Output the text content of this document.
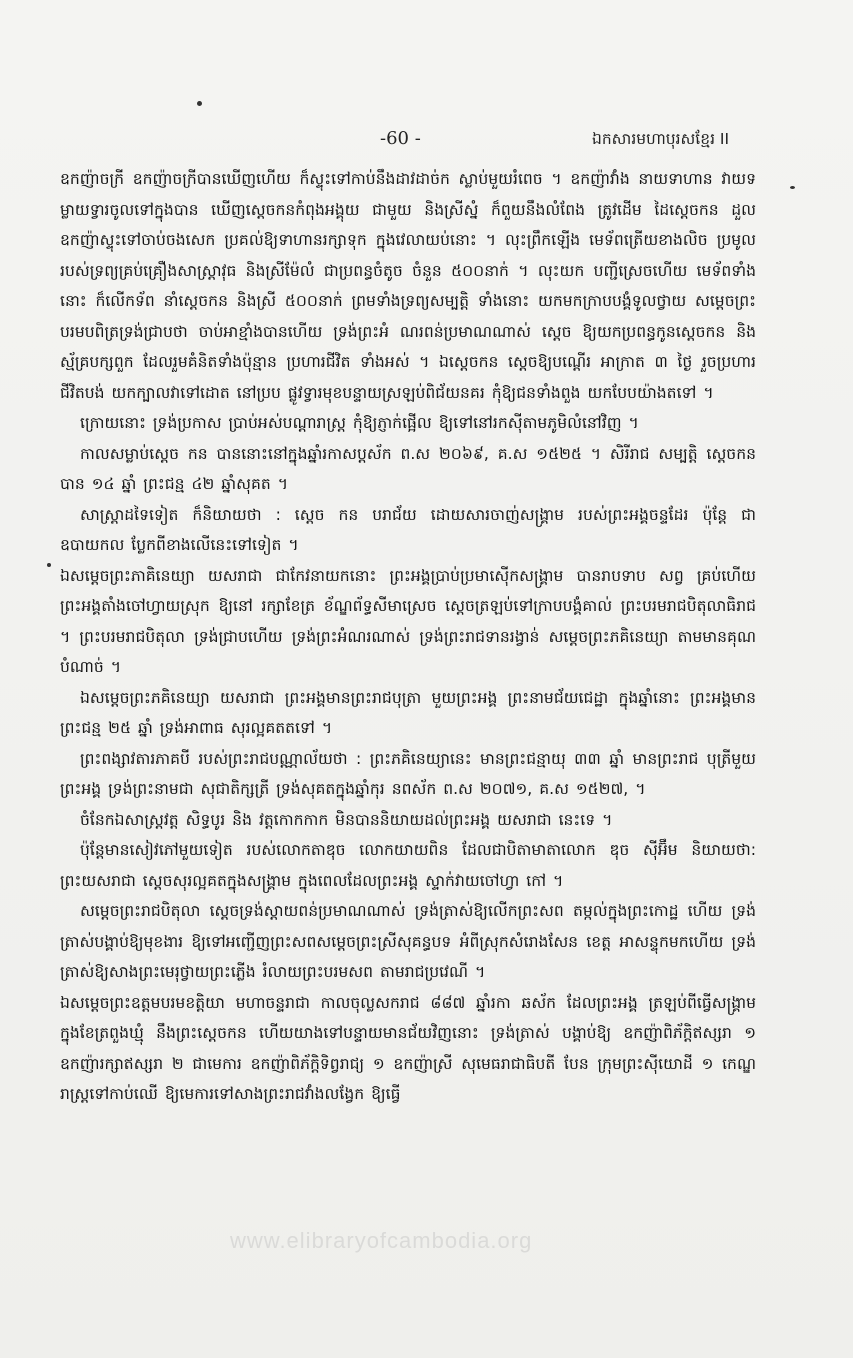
-60 -	ឯកសារមហាបុរសខ្មែរ II

ឧកញ៉ាចក្រី ឧកញ៉ាចក្រីបានឃើញហើយ ក៏ស្ទុះទៅកាប់នឹងដាវដាច់ក ស្លាប់មួយរំពេច ។ ឧកញ៉ាវាំង នាយទាហាន វាយទម្លាយទ្វារចូលទៅក្នុងបាន ឃើញស្តេចកនកំពុងអង្គុយ ជាមួយ និងស្រីស្នំ ក៏ពួយនឹងលំពែង ត្រូវដើម ដៃស្តេចកន ដួល ឧកញ៉ាស្ទុះទៅចាប់ចងសេក ប្រគល់ឱ្យទាហានរក្សាទុក ក្នុងវេលាយប់នោះ ។ លុះព្រឹកឡើង មេទ័ពត្រើយខាងលិច ប្រមូលរបស់ទ្រព្យគ្រប់គ្រឿងសាស្ត្រាវុធ និងស្រីម៉ែលំ ជាប្រពន្ធចំតូច ចំនួន ៥០០នាក់ ។ លុះយក បញ្ជីស្រេចហើយ មេទ័ពទាំងនោះ ក៏លើកទ័ព នាំស្តេចកន និងស្រី ៥០០នាក់ ព្រមទាំងទ្រព្យសម្បត្តិ ទាំងនោះ យកមកក្រាបបង្គំទូលថ្វាយ សម្តេចព្រះបរមបពិត្រទ្រង់ជ្រាបថា ចាប់អាខ្មាំងបានហើយ ទ្រង់ព្រះអំ ណរពន់ប្រមាណណាស់ ស្តេច ឱ្យយកប្រពន្ធកូនស្តេចកន និងស្ម័គ្របក្សពួក ដែលរួមគំនិតទាំងប៉ុន្មាន ប្រហារជីវិត ទាំងអស់ ។ ឯស្តេចកន ស្តេចឱ្យបណ្តើរ អាក្រាត ៣ ថ្ងៃ រួចប្រហារជីវិតបង់ យកក្បាលវាទៅដោត នៅប្រប ផ្លូវទ្វារមុខបន្ទាយស្រឡប់ពិជ័យនគរ កុំឱ្យជនទាំងពួង យកបែបយ៉ាងតទៅ ។

ក្រោយនោះ ទ្រង់ប្រកាស ប្រាប់អស់បណ្តារាស្ត្រ កុំឱ្យភ្ញាក់ផ្អើល ឱ្យទៅនៅរកស៊ីតាមភូមិលំនៅវិញ ។

កាលសម្លាប់ស្តេច កន បាននោះនៅក្នុងឆ្នាំរកាសប្តស័ក ព.ស ២០៦៩, គ.ស ១៥២៥ ។ សិរីរាជ សម្បត្តិ ស្តេចកន បាន ១៤ ឆ្នាំ ព្រះជន្ម ៤២ ឆ្នាំសុគត ។

សាស្ត្រាដទៃទៀត ក៏និយាយថា : ស្តេច កន បរាជ័យ ដោយសារចាញ់សង្គ្រាម របស់ព្រះអង្គចន្ទដែរ ប៉ុន្តែ ជាឧបាយកល ប្លែកពីខាងលើនេះទៅទៀត ។

ឯសម្តេចព្រះភាគិនេយ្យា យសរាជា ជាកែវនាយកនោះ ព្រះអង្គប្រាប់ប្រមាស៊ើកសង្គ្រាម បានរាបទាប សព្វ គ្រប់ហើយ ព្រះអង្គតាំងចៅហ្វាយស្រុក ឱ្យនៅ រក្សាខែត្រ ខ័ណ្ឌព័ទ្ធសីមាស្រេច ស្តេចត្រឡប់ទៅក្រាបបង្គំគាល់ ព្រះបរមរាជបិតុលាធិរាជ ។ ព្រះបរមរាជបិតុលា ទ្រង់ជ្រាបហើយ ទ្រង់ព្រះអំណរណាស់ ទ្រង់ព្រះរាជទានរង្វាន់ សម្តេចព្រះភគិនេយ្យា តាមមានគុណបំណាច់ ។

ឯសម្តេចព្រះភគិនេយ្យា យសរាជា ព្រះអង្គមានព្រះរាជបុត្រា មួយព្រះអង្គ ព្រះនាមជ័យជេដ្ឋា ក្នុងឆ្នាំនោះ ព្រះអង្គមានព្រះជន្ម ២៥ ឆ្នាំ ទ្រង់អាពាធ សុរល្អគតតទៅ ។

ព្រះពង្សាវតារភាគបី របស់ព្រះរាជបណ្ណាល័យថា : ព្រះភគិនេយ្យានេះ មានព្រះជន្មាយុ ៣៣ ឆ្នាំ មានព្រះរាជ បុត្រីមួយព្រះអង្គ ទ្រង់ព្រះនាមជា សុជាតិក្សត្រី ទ្រង់សុគតក្នុងឆ្នាំកុរ នពស័ក ព.ស ២០៧១, គ.ស ១៥២៧, ។

ចំនែកឯសាស្ត្រវត្ត សិទ្ធបូរ និង វត្តកោកកាក មិនបាននិយាយដល់ព្រះអង្គ យសរាជា នេះទេ ។

ប៉ុន្តែមានសៀវភៅមួយទៀត របស់លោកតាឌុច លោកយាយពិន ដែលជាបិតាមាតាលោក ឌុច ស៊ីអ៊ឹម និយាយថា: ព្រះយសរាជា ស្តេចសុរល្អគតក្នុងសង្គ្រាម ក្នុងពេលដែលព្រះអង្គ ស្ទាក់វាយចៅហ្វា កៅ ។

សម្តេចព្រះរាជបិតុលា ស្តេចទ្រង់ស្តាយពន់ប្រមាណណាស់ ទ្រង់ត្រាស់ឱ្យលើកព្រះសព តម្កល់ក្នុងព្រះកោដ្ឋ ហើយ ទ្រង់ត្រាស់បង្គាប់ឱ្យមុខងារ ឱ្យទៅអញ្ជើញព្រះសពសម្តេចព្រះស្រីសុគន្ធបទ អំពីស្រុកសំរោងសែន ខេត្ត អាសន្ទុកមកហើយ ទ្រង់ត្រាស់ឱ្យសាងព្រះមេរុថ្វាយព្រះភ្លើង រំលាយព្រះបរមសព តាមរាជប្រវេណី ។

ឯសម្តេចព្រះឧត្តមបរមខត្តិយា មហាចន្ទរាជា កាលចុល្លសករាជ ៨៨៧ ឆ្នាំរកា ឆស័ក ដែលព្រះអង្គ ត្រឡប់ពីធ្វើសង្គ្រាម ក្នុងខែត្រពួងឃ្មុំ នឹងព្រះស្តេចកន ហើយយាងទៅបន្ទាយមានជ័យវិញនោះ ទ្រង់ត្រាស់ បង្គាប់ឱ្យ ឧកញ៉ាពិភ័ក្តិឥស្សរា ១ ឧកញ៉ារក្សាឥស្សរា ២ ជាមេការ ឧកញ៉ាពិភ័ក្តិទិព្វរាជ្យ ១ ឧកញ៉ាស្រី សុមេធរាជាធិបតី បែន ក្រុមព្រះស៊ីយោដី ១ កេណ្ឌរាស្ត្រទៅកាប់ឈើ ឱ្យមេការទៅសាងព្រះរាជវាំងលង្វែក ឱ្យធ្វើ

www.elibraryofcambodia.org
